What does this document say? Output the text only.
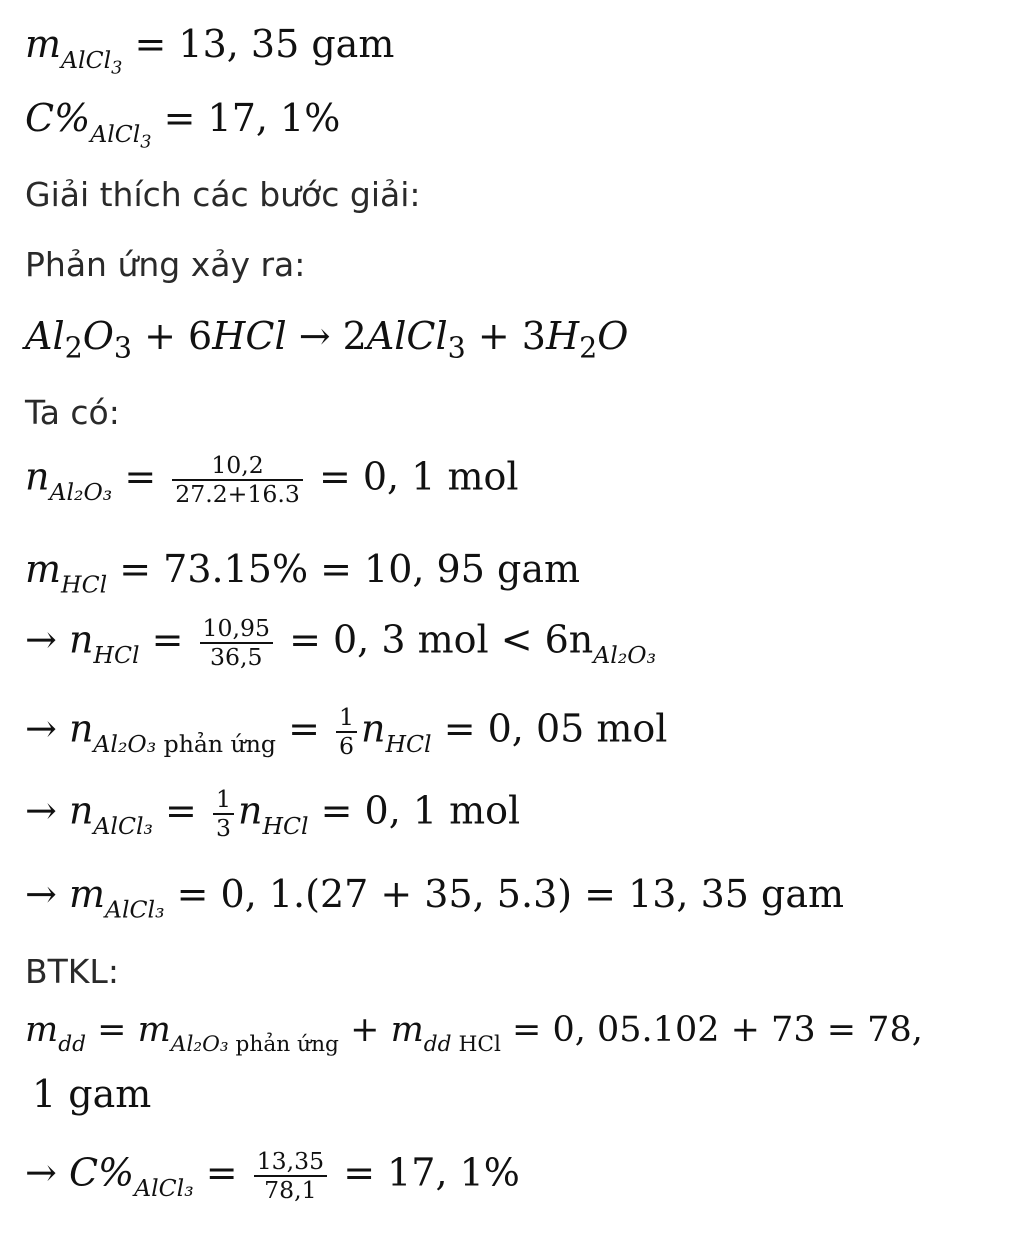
$m_{AlCl_3} = 13$, 35 gam
$C\%_{AlCl_3} = 17$, 1%
Giải thích các bước giải:
Phản ứng xảy ra:
$Al_2O_3 + 6HCl$ → 2AlCl$_3$ + $3H_2O$
Ta có:
$n_{Al_2O_3} = \frac{10,2}{27.2+16.3} = 0$, 1 mol
$m_{HCl} = 73.15\% = 10$, 95 gam
→ $n_{HCl} = \frac{10,95}{36,5} = 0$, 3 mol < $6n_{Al_2O_3}$
→ $n_{Al_2O_3 phản ứng} = \frac{1}{6} n_{HCl} = 0$, 05 mol
→ $n_{AlCl_3} = \frac{1}{3} n_{HCl} = 0$, 1 mol
→ $m_{AlCl_3} = 0$, 1.(27 + 35, 5.3) = 13, 35 gam
BTKL:
$m_{dd} = m_{Al_2O_3 phản ứng} + m_{dd HCl} = 0$, 05.102 + 73 = 78,
1 gam
→ $C\%_{AlCl_3} = \frac{13,35}{78,1} = 17$, 1%
